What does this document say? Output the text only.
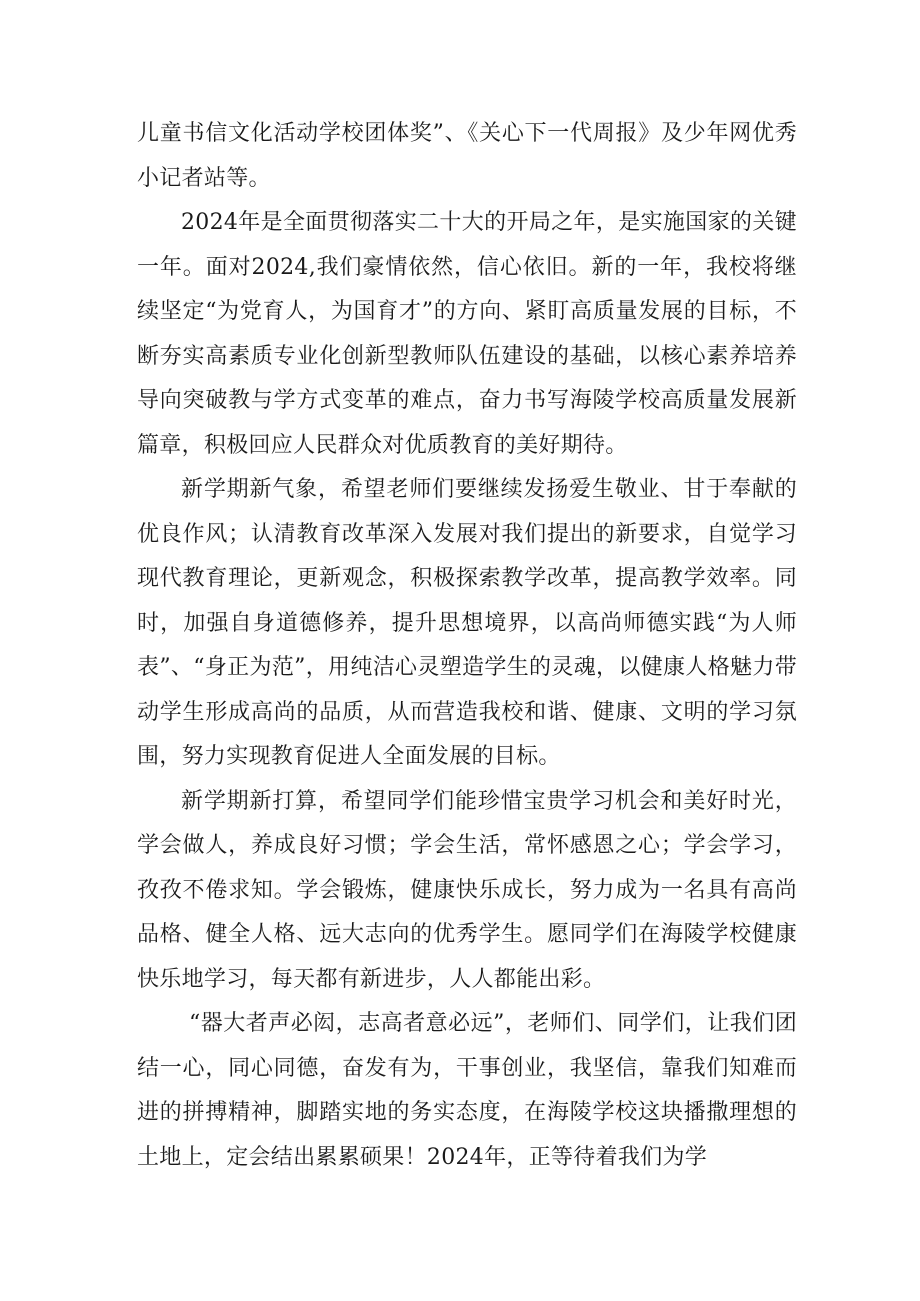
儿童书信文化活动学校团体奖”、《关心下一代周报》及少年网优秀小记者站等。

2024年是全面贯彻落实二十大的开局之年，是实施国家的关键一年。面对2024,我们豪情依然，信心依旧。新的一年，我校将继续坚定“为党育人，为国育才”的方向、紧盯高质量发展的目标，不断夯实高素质专业化创新型教师队伍建设的基础，以核心素养培养导向突破教与学方式变革的难点，奋力书写海陵学校高质量发展新篇章，积极回应人民群众对优质教育的美好期待。

新学期新气象，希望老师们要继续发扬爱生敬业、甘于奉献的优良作风；认清教育改革深入发展对我们提出的新要求，自觉学习现代教育理论，更新观念，积极探索教学改革，提高教学效率。同时，加强自身道德修养，提升思想境界，以高尚师德实践“为人师表”、“身正为范”，用纯洁心灵塑造学生的灵魂，以健康人格魅力带动学生形成高尚的品质，从而营造我校和谐、健康、文明的学习氛围，努力实现教育促进人全面发展的目标。

新学期新打算，希望同学们能珍惜宝贵学习机会和美好时光，学会做人，养成良好习惯；学会生活，常怀感恩之心；学会学习，孜孜不倦求知。学会锻炼，健康快乐成长，努力成为一名具有高尚品格、健全人格、远大志向的优秀学生。愿同学们在海陵学校健康快乐地学习，每天都有新进步，人人都能出彩。

“器大者声必闳，志高者意必远”，老师们、同学们，让我们团结一心，同心同德，奋发有为，干事创业，我坚信，靠我们知难而进的拼搏精神，脚踏实地的务实态度，在海陵学校这块播撒理想的土地上，定会结出累累硕果！2024年，正等待着我们为学
